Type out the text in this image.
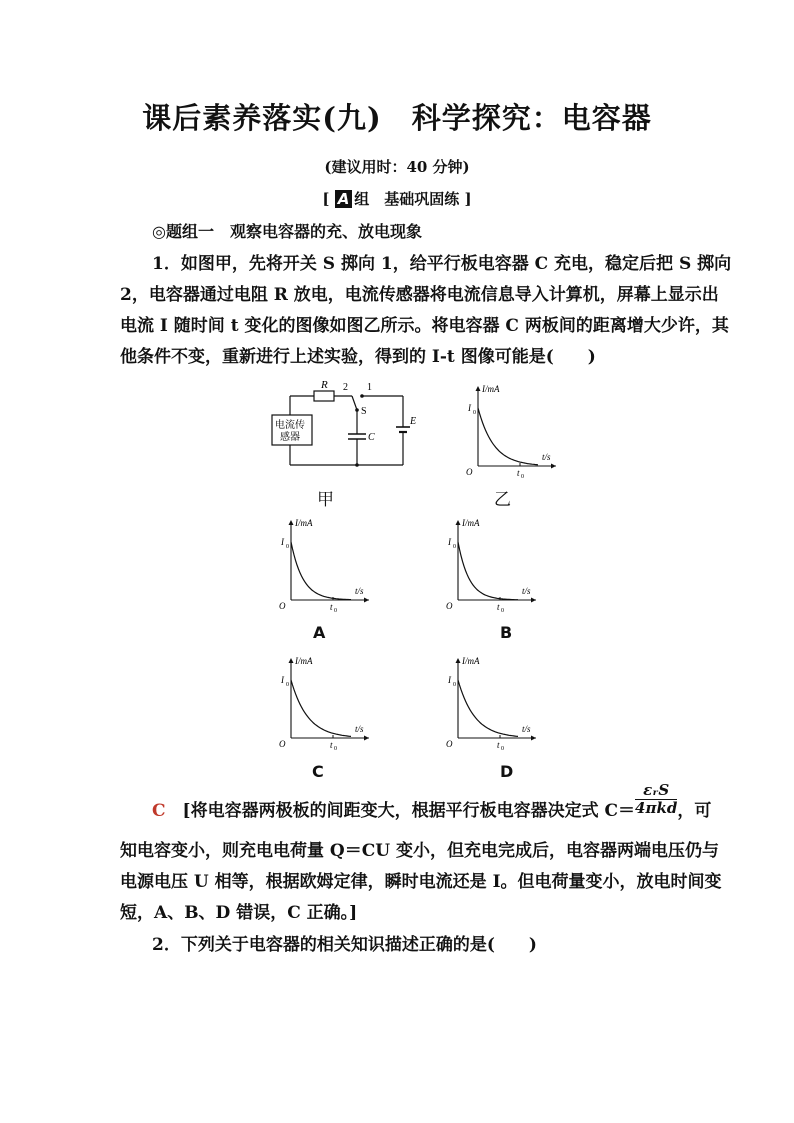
课后素养落实(九)　科学探究：电容器
(建议用时：40 分钟)
[ A 组　基础巩固练 ]
◎题组一　观察电容器的充、放电现象
1．如图甲，先将开关 S 掷向 1，给平行板电容器 C 充电，稳定后把 S 掷向
2，电容器通过电阻 R 放电，电流传感器将电流信息导入计算机，屏幕上显示出
电流 I 随时间 t 变化的图像如图乙所示。将电容器 C 两板间的距离增大少许，其
他条件不变，重新进行上述实验，得到的 I-t 图像可能是(　　)
电流传
感器
R 2 1
S
C
E
I/mA
t/s
I 0
t 0
O
甲	乙
I/mA
t/s
I 0
t 0
O
I/mA
t/s
I 0
t 0
O
I/mA
t/s
I 0
t 0
O
I/mA
t/s
I 0
t 0
O
A	B
C	D
C　 [将电容器两极板的间距变大，根据平行板电容器决定式 $C= \frac{\text{εᵣS}}{\text{4πkd}}$ ，可
知电容变小，则充电电荷量 Q＝CU 变小，但充电完成后，电容器两端电压仍与
电源电压 U 相等，根据欧姆定律，瞬时电流还是 I。但电荷量变小，放电时间变
短，A、B、D 错误，C 正确。]
2．下列关于电容器的相关知识描述正确的是(　　)
